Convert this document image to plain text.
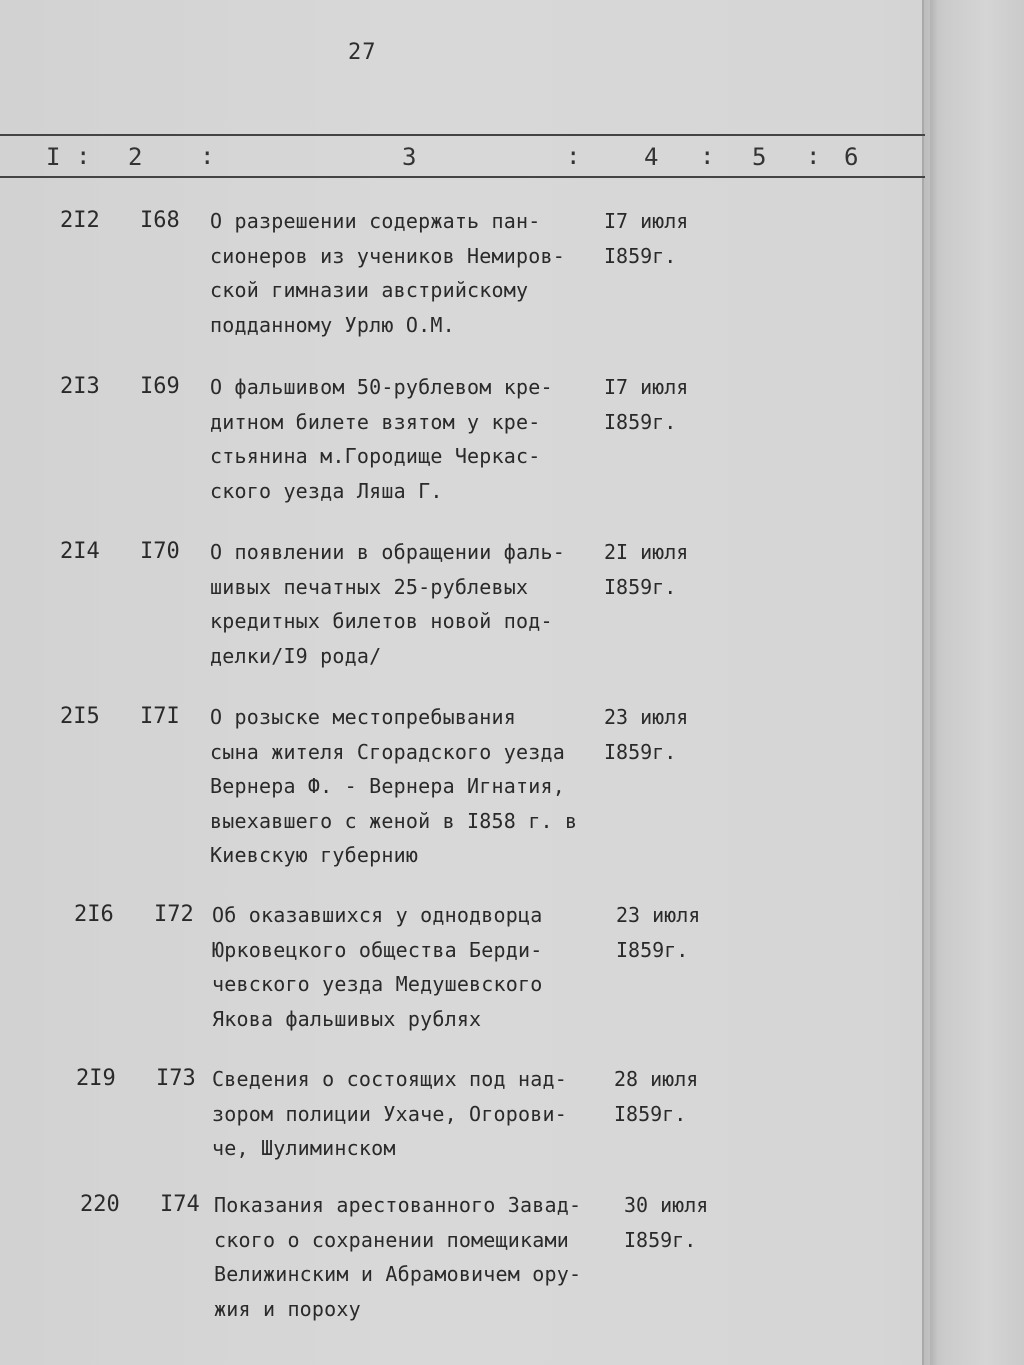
27
I : 2 :	3	:	4 : 5 : 6
2I2 I68 О разрешении содержать пан-
сионеров из учеников Немиров-
ской гимназии австрийскому
подданному Урлю О.М.
I7 июля
I859г.
2I3 I69 О фальшивом 50-рублевом кре-
дитном билете взятом у кре-
стьянина м.Городище Черкас-
ского уезда Ляша Г.
I7 июля
I859г.
2I4 I70 О появлении в обращении фаль-
шивых печатных 25-рублевых
кредитных билетов новой под-
делки/I9 рода/
2I июля
I859г.
2I5 I7I О розыске местопребывания
сына жителя Сгорадского уезда
Вернера Ф. - Вернера Игнатия,
выехавшего с женой в I858 г. в
Киевскую губернию
23 июля
I859г.
2I6 I72 Об оказавшихся у однодворца
Юрковецкого общества Берди-
чевского уезда Медушевского
Якова фальшивых рублях
23 июля
I859г.
2I9 I73 Сведения о состоящих под над-
зором полиции Ухаче, Огорови-
че, Шулиминском
28 июля
I859г.
220 I74 Показания арестованного Завад-
ского о сохранении помещиками
Велижинским и Абрамовичем ору-
жия и пороху
30 июля
I859г.
